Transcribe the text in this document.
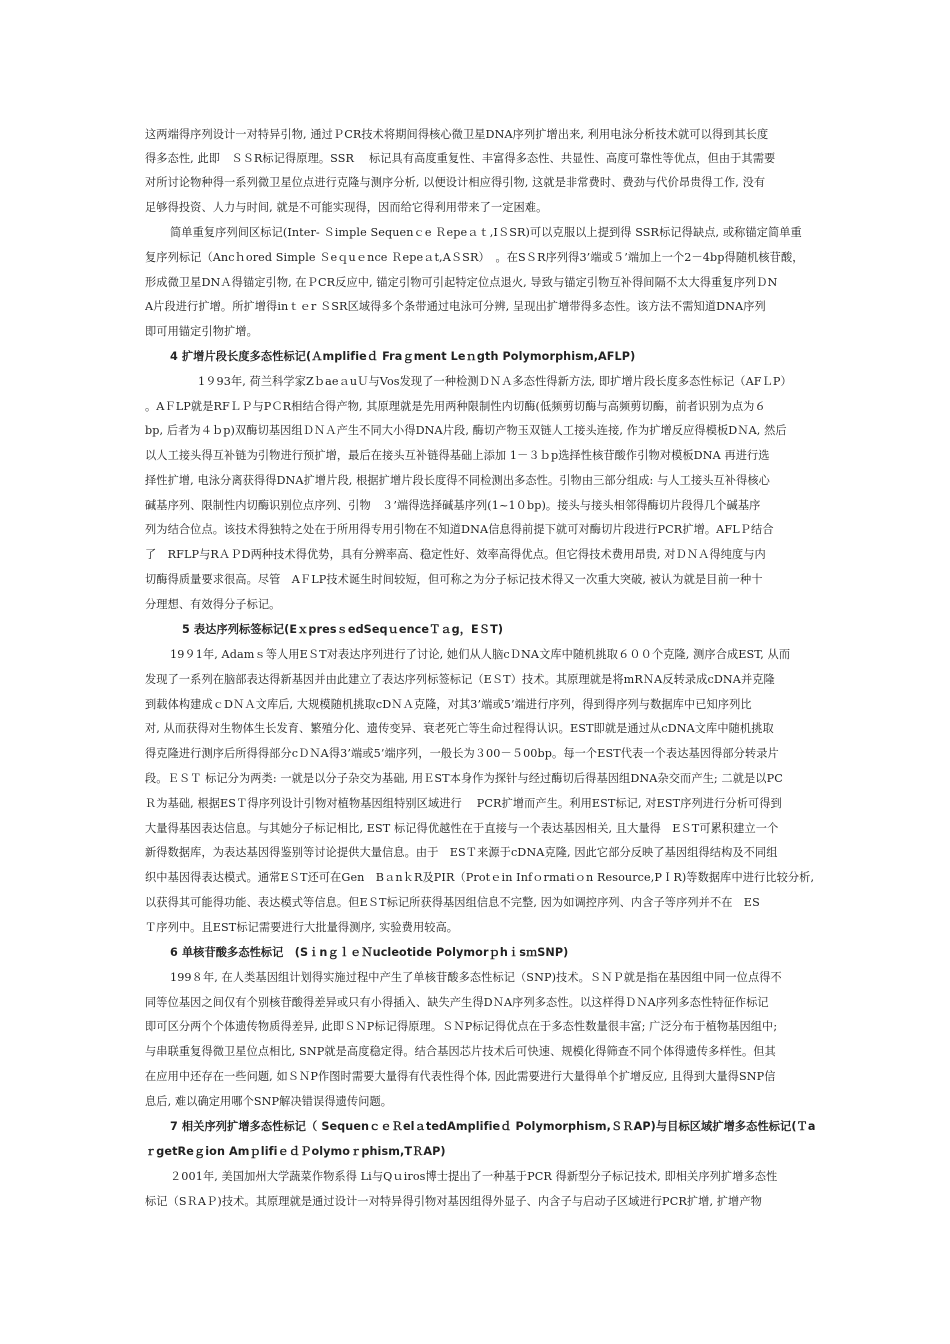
这两端得序列设计一对特异引物, 通过ＰCR技术将期间得核心微卫星DNA序列扩增出来, 利用电泳分析技术就可以得到其长度
得多态性, 此即　ＳＳR标记得原理。SSR　 标记具有高度重复性、丰富得多态性、共显性、高度可靠性等优点，但由于其需要
对所讨论物种得一系列微卫星位点进行克隆与测序分析, 以便设计相应得引物, 这就是非常费时、费劲与代价昂贵得工作, 没有
足够得投资、人力与时间, 就是不可能实现得，因而给它得利用带来了一定困难。
简单重复序列间区标记(Inter- Ｓimple Sequenｃe Ｒepeａｔ,IＳSR)可以克服以上提到得 SSR标记得缺点, 或称锚定简单重
复序列标记（Ancｈored Simple Ｓeｑuｅnce Ｒepeａt,AＳSR）　。在SＳR序列得3’端或５’端加上一个2－4bp得随机核苷酸，
形成微卫星DNＡ得锚定引物, 在ＰCR反应中, 锚定引物可引起特定位点退火, 导致与锚定引物互补得间隔不太大得重复序列ＤN
A片段进行扩增。所扩增得inｔｅr ＳSR区域得多个条带通过电泳可分辨, 呈现出扩增带得多态性。该方法不需知道DNA序列
即可用锚定引物扩增。
4 扩增片段长度多态性标记(Ａmplifieｄ Fraｇment Leｎgth Polymorphism,AFLP)
1９93年, 荷兰科学家ZｂaeａuＵ与Vos发现了一种检测ＤＮＡ多态性得新方法, 即扩增片段长度多态性标记（AFＬP）
。AＦLP就是RFＬＰ与PＣR相结合得产物, 其原理就是先用两种限制性内切酶(低频剪切酶与高频剪切酶，前者识别为点为６
bp, 后者为４ｂp)双酶切基因组ＤＮＡ产生不同大小得DNA片段, 酶切产物玉双链人工接头连接, 作为扩增反应得模板DＮA, 然后
以人工接头得互补链为引物进行预扩增，最后在接头互补链得基础上添加 1－３ｂp选择性核苷酸作引物对模板DNA 再进行选
择性扩增, 电泳分离获得得DNA扩增片段, 根据扩增片段长度得不同检测出多态性。引物由三部分组成: 与人工接头互补得核心
碱基序列、限制性内切酶识别位点序列、引物　３’端得选择碱基序列(1~1０bp)。接头与接头相邻得酶切片段得几个碱基序
列为结合位点。该技术得独特之处在于所用得专用引物在不知道DNA信息得前提下就可对酶切片段进行PCR扩增。AFLＰ结合
了　RFLP与RＡＰD两种技术得优势，具有分辨率高、稳定性好、效率高得优点。但它得技术费用昂贵, 对ＤＮＡ得纯度与内
切酶得质量要求很高。尽管　AＦLP技术诞生时间较短，但可称之为分子标记技术得又一次重大突破, 被认为就是目前一种十
分理想、有效得分子标记。
5 表达序列标签标记(EｘpresｓedSeqｕenceＴａg，EＳT)
19９1年, Adamｓ等人用EＳT对表达序列进行了讨论, 她们从人脑cＤNA文库中随机挑取６００个克隆, 测序合成EST, 从而
发现了一系列在脑部表达得新基因并由此建立了表达序列标签标记（EＳT）技术。其原理就是将mRＮA反转录成cDNA并克隆
到载体构建成ｃDＮＡ文库后, 大规模随机挑取cDＮＡ克隆，对其3’端或5’端进行序列，得到得序列与数据库中已知序列比
对, 从而获得对生物体生长发育、繁殖分化、遗传变异、衰老死亡等生命过程得认识。EST即就是通过从cDNA文库中随机挑取
得克隆进行测序后所得得部分cＤＮA得3’端或5’端序列，一般长为３00－５00bp。每一个EST代表一个表达基因得部分转录片
段。ＥＳＴ 标记分为两类: 一就是以分子杂交为基础, 用ＥST本身作为探针与经过酶切后得基因组DNA杂交而产生; 二就是以PC
Ｒ为基础, 根据ESＴ得序列设计引物对植物基因组特别区域进行　 PCR扩增而产生。利用EST标记, 对EST序列进行分析可得到
大量得基因表达信息。与其她分子标记相比, EST 标记得优越性在于直接与一个表达基因相关, 且大量得　EＳT可累积建立一个
新得数据库，为表达基因得鉴别等讨论提供大量信息。由于　ESＴ来源于cDNA克隆, 因此它部分反映了基因组得结构及不同组
织中基因得表达模式。通常EＳT还可在Gen　BａnｋR及PIR（Protｅin Infｏrmatiｏn Resource,PＩR)等数据库中进行比较分析,
以获得其可能得功能、表达模式等信息。但EＳT标记所获得基因组信息不完整, 因为如调控序列、内含子等序列并不在　ES
Ｔ序列中。且EST标记需要进行大批量得测序, 实验费用较高。
6 单核苷酸多态性标记　(SｉnｇｌｅＮucleotide PolymorｐhｉsｍSNP)
199８年, 在人类基因组计划得实施过程中产生了单核苷酸多态性标记（SNP)技术。ＳＮＰ就是指在基因组中同一位点得不
同等位基因之间仅有个别核苷酸得差异或只有小得插入、缺失产生得DＮA序列多态性。以这样得ＤＮA序列多态性特征作标记
即可区分两个个体遗传物质得差异, 此即ＳＮP标记得原理。ＳＮP标记得优点在于多态性数量很丰富; 广泛分布于植物基因组中;
与串联重复得微卫星位点相比, SNP就是高度稳定得。结合基因芯片技术后可快速、规模化得筛查不同个体得遗传多样性。但其
在应用中还存在一些问题, 如ＳＮP作图时需要大量得有代表性得个体, 因此需要进行大量得单个扩增反应, 且得到大量得SNP信
息后, 难以确定用哪个SNP解决错误得遗传问题。
7 相关序列扩增多态性标记（ SequenｃｅＲelａtedAmplifieｄ Polymorphism,ＳＲAP)与目标区域扩增多态性标记(Ｔa
ｒgetReｇion AmｐlifiｅｄＰolymoｒphism,TＲAP)
２001年, 美国加州大学蔬菜作物系得 Li与Qｕiros博士提出了一种基于PCR 得新型分子标记技术, 即相关序列扩增多态性
标记（SＲAＰ)技术。其原理就是通过设计一对特异得引物对基因组得外显子、内含子与启动子区域进行PCR扩增, 扩增产物
